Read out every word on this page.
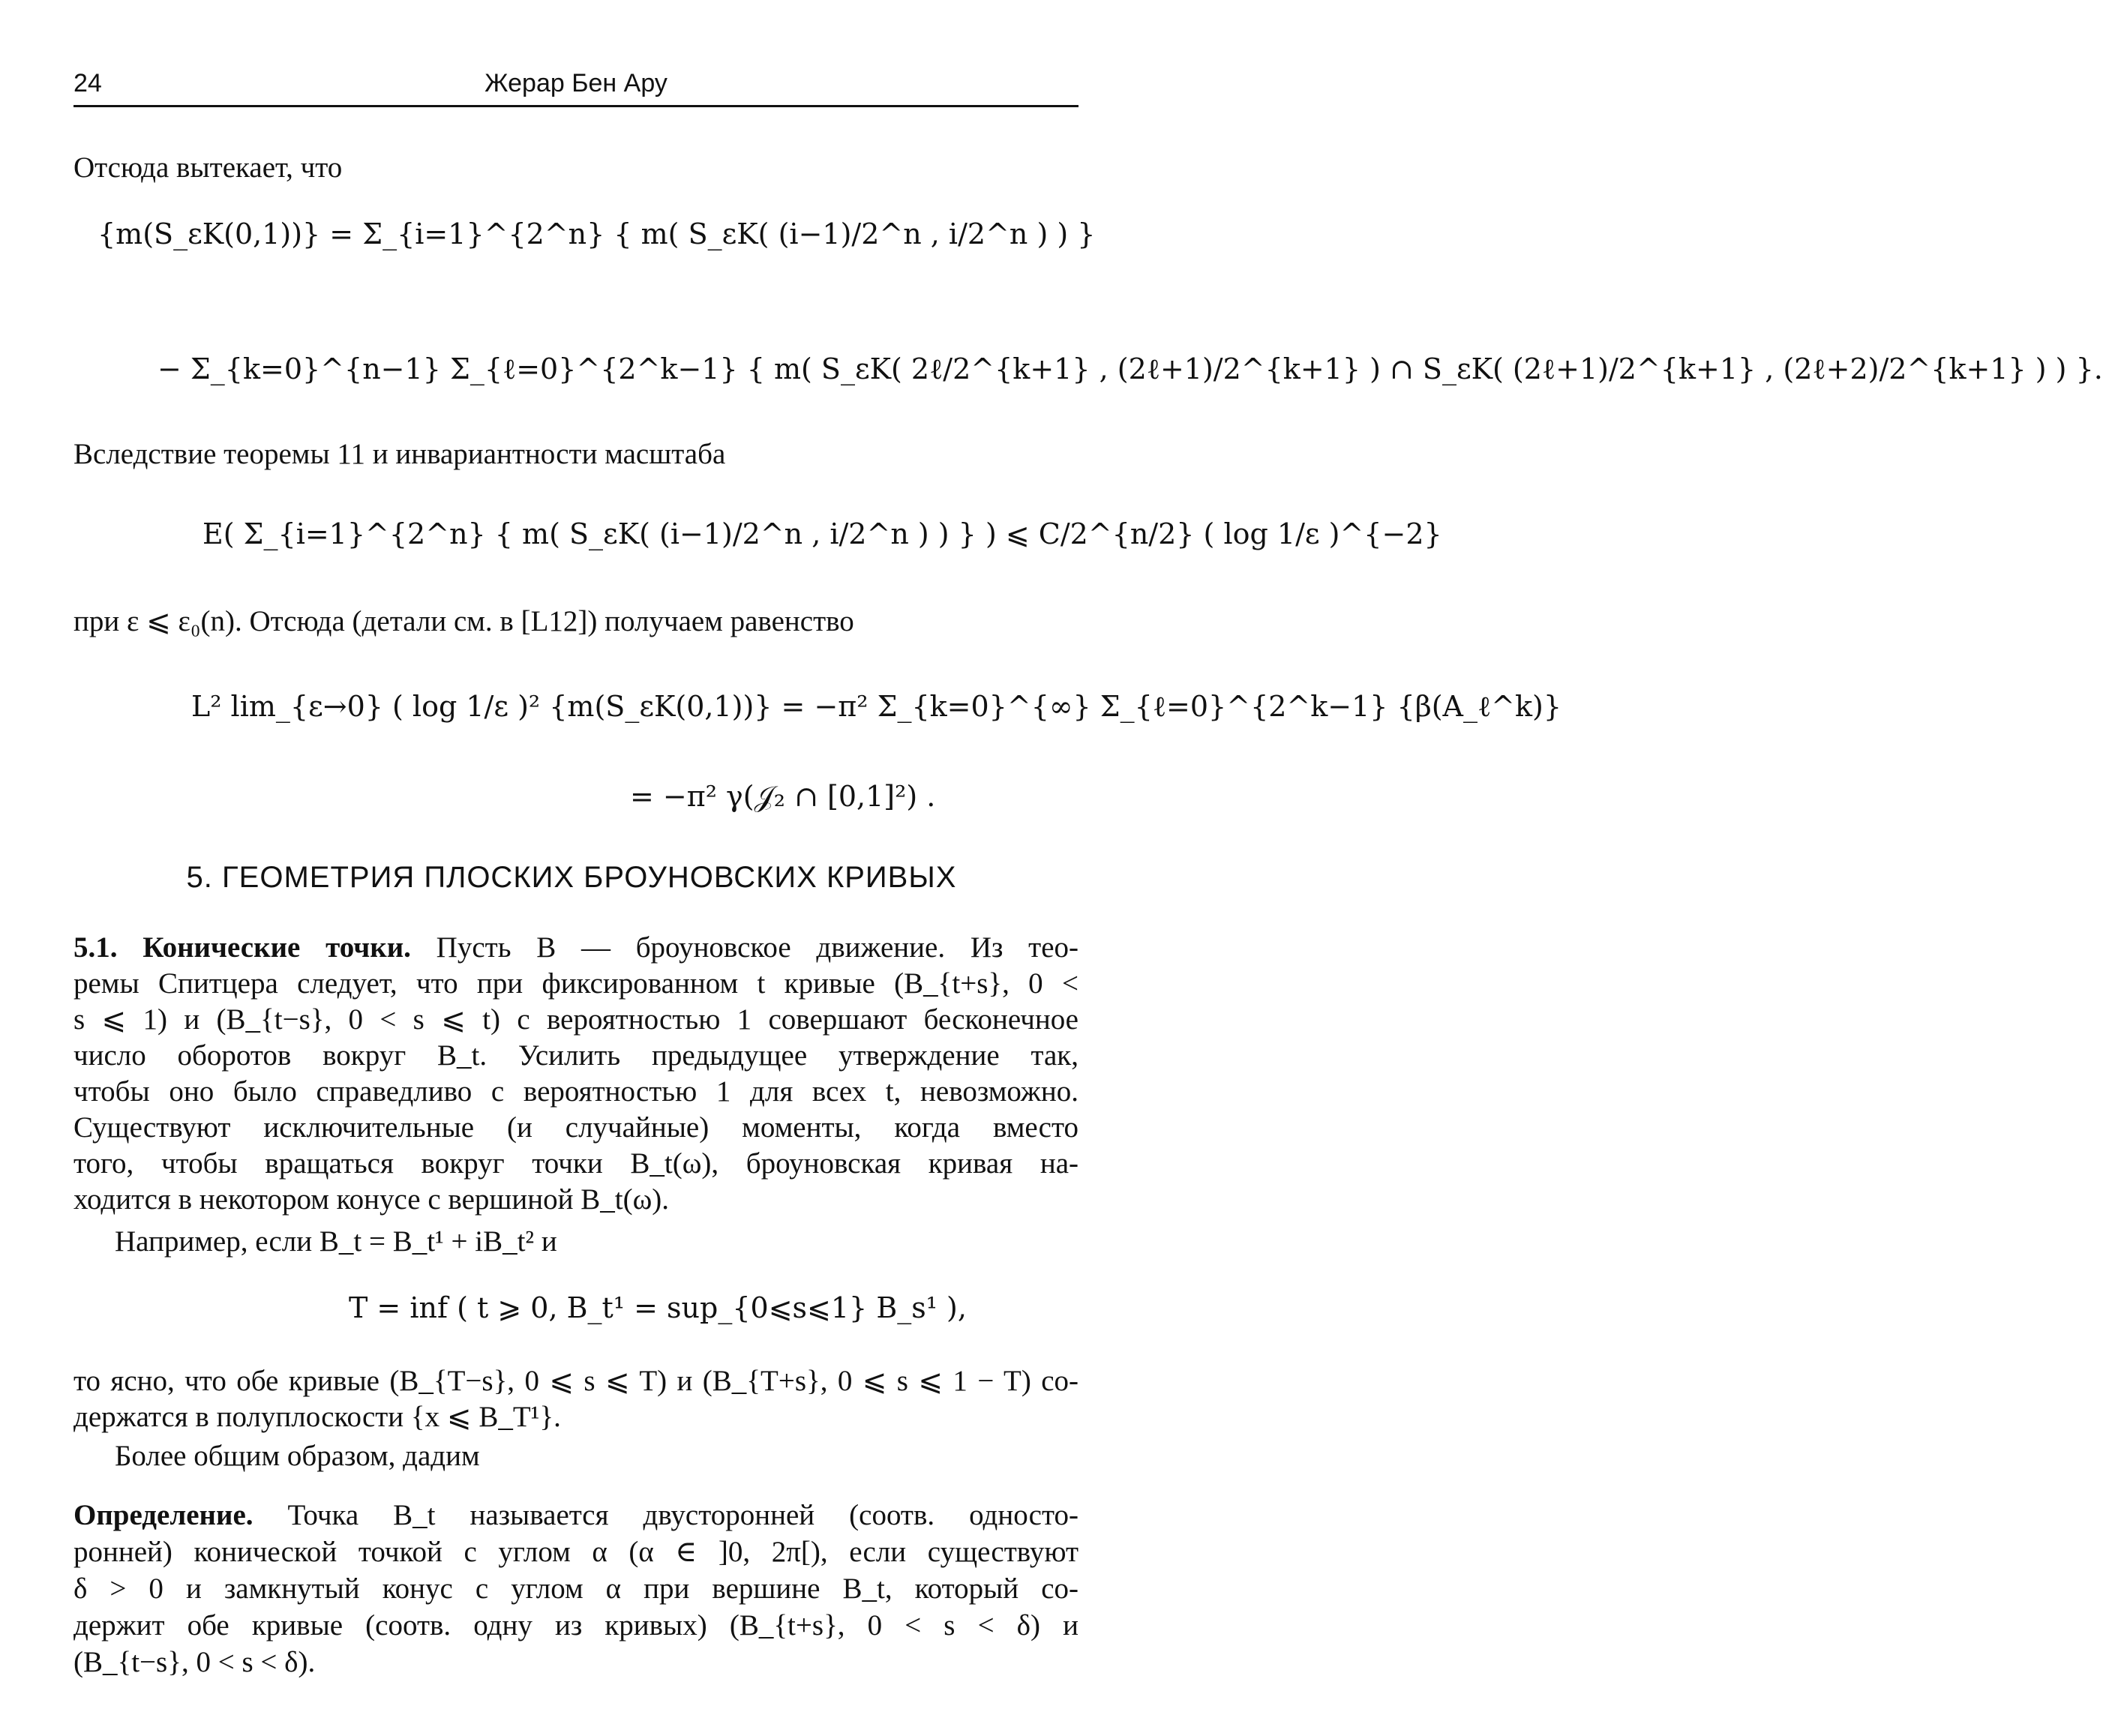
24	Жерар Бен Ару
Отсюда вытекает, что
{m(S_εK(0,1))} = Σ_{i=1}^{2^n} { m( S_εK( (i−1)/2^n , i/2^n ) ) }
− Σ_{k=0}^{n−1} Σ_{ℓ=0}^{2^k−1} { m( S_εK( 2ℓ/2^{k+1} , (2ℓ+1)/2^{k+1} ) ∩ S_εK( (2ℓ+1)/2^{k+1} , (2ℓ+2)/2^{k+1} ) ) }.
Вследствие теоремы 11 и инвариантности масштаба
E( Σ_{i=1}^{2^n} { m( S_εK( (i−1)/2^n , i/2^n ) ) } ) ⩽ C/2^{n/2} ( log 1/ε )^{−2}
при ε ⩽ ε₀(n). Отсюда (детали см. в [L12]) получаем равенство
L² lim_{ε→0} ( log 1/ε )² {m(S_εK(0,1))} = −π² Σ_{k=0}^{∞} Σ_{ℓ=0}^{2^k−1} {β(A_ℓ^k)}
= −π² γ(𝒥₂ ∩ [0,1]²) .
5. ГЕОМЕТРИЯ ПЛОСКИХ БРОУНОВСКИХ КРИВЫХ
5.1. Конические точки. Пусть B — броуновское движение. Из тео-
ремы Спитцера следует, что при фиксированном t кривые (B_{t+s}, 0 <
s ⩽ 1) и (B_{t−s}, 0 < s ⩽ t) с вероятностью 1 совершают бесконечное
число оборотов вокруг B_t. Усилить предыдущее утверждение так,
чтобы оно было справедливо с вероятностью 1 для всех t, невозможно.
Существуют исключительные (и случайные) моменты, когда вместо
того, чтобы вращаться вокруг точки B_t(ω), броуновская кривая на-
ходится в некотором конусе с вершиной B_t(ω).
Например, если B_t = B_t¹ + iB_t² и
T = inf ( t ⩾ 0, B_t¹ = sup_{0⩽s⩽1} B_s¹ ),
то ясно, что обе кривые (B_{T−s}, 0 ⩽ s ⩽ T) и (B_{T+s}, 0 ⩽ s ⩽ 1 − T) со-
держатся в полуплоскости {x ⩽ B_T¹}.
Более общим образом, дадим
Определение. Точка B_t называется двусторонней (соотв. односто-
ронней) конической точкой с углом α (α ∈ ]0, 2π[), если существуют
δ > 0 и замкнутый конус с углом α при вершине B_t, который со-
держит обе кривые (соотв. одну из кривых) (B_{t+s}, 0 < s < δ) и
(B_{t−s}, 0 < s < δ).
